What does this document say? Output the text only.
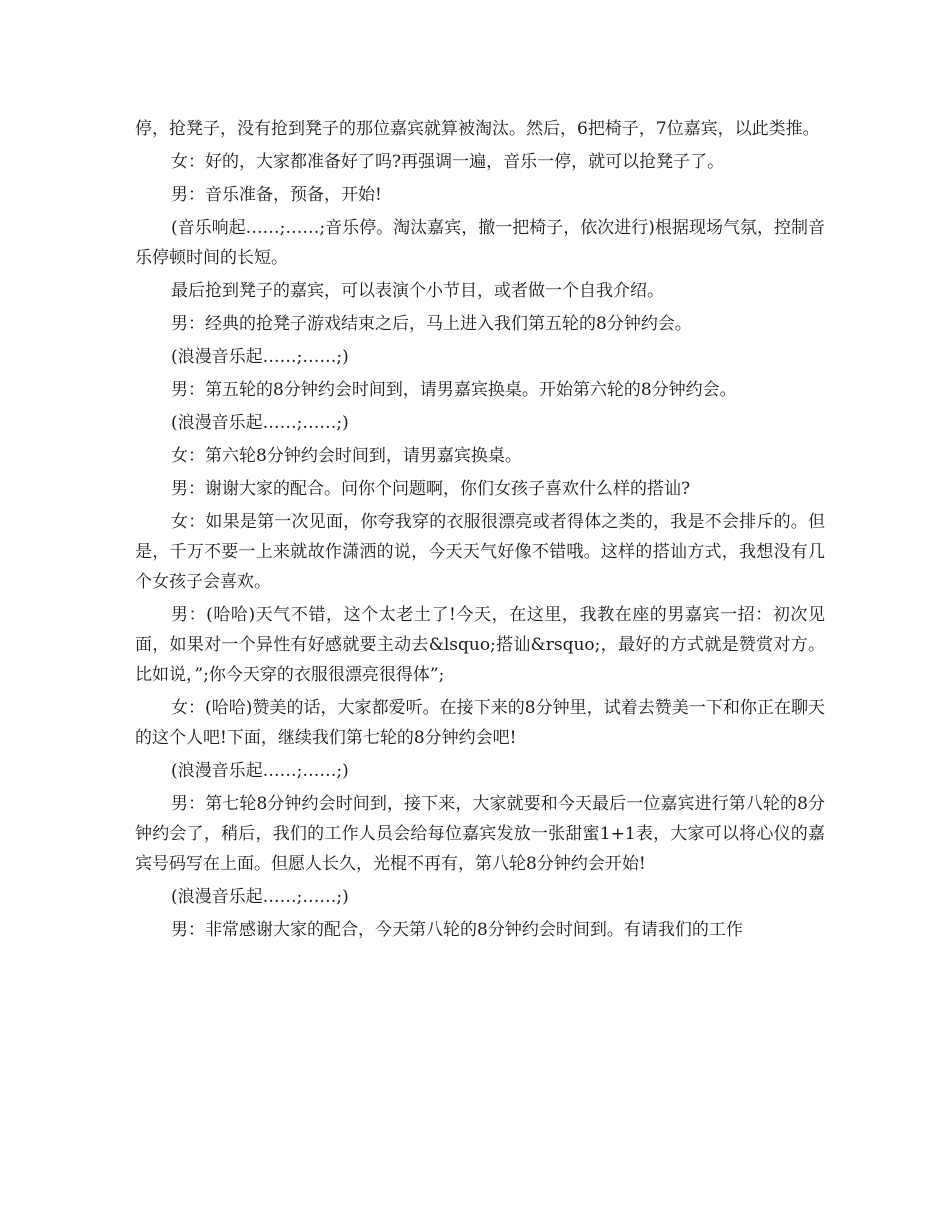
停，抢凳子，没有抢到凳子的那位嘉宾就算被淘汰。然后，6把椅子，7位嘉宾，以此类推。

女：好的，大家都准备好了吗?再强调一遍，音乐一停，就可以抢凳子了。

男：音乐准备，预备，开始!

(音乐响起……;……;音乐停。淘汰嘉宾，撤一把椅子，依次进行)根据现场气氛，控制音乐停顿时间的长短。

最后抢到凳子的嘉宾，可以表演个小节目，或者做一个自我介绍。

男：经典的抢凳子游戏结束之后，马上进入我们第五轮的8分钟约会。

(浪漫音乐起……;……;)

男：第五轮的8分钟约会时间到，请男嘉宾换桌。开始第六轮的8分钟约会。

(浪漫音乐起……;……;)

女：第六轮8分钟约会时间到，请男嘉宾换桌。

男：谢谢大家的配合。问你个问题啊，你们女孩子喜欢什么样的搭讪?

女：如果是第一次见面，你夸我穿的衣服很漂亮或者得体之类的，我是不会排斥的。但是，千万不要一上来就故作潇洒的说，今天天气好像不错哦。这样的搭讪方式，我想没有几个女孩子会喜欢。

男：(哈哈)天气不错，这个太老土了!今天，在这里，我教在座的男嘉宾一招：初次见面，如果对一个异性有好感就要主动去&lsquo;搭讪&rsquo;，最好的方式就是赞赏对方。比如说，”;你今天穿的衣服很漂亮很得体”;

女：(哈哈)赞美的话，大家都爱听。在接下来的8分钟里，试着去赞美一下和你正在聊天的这个人吧!下面，继续我们第七轮的8分钟约会吧!

(浪漫音乐起……;……;)

男：第七轮8分钟约会时间到，接下来，大家就要和今天最后一位嘉宾进行第八轮的8分钟约会了，稍后，我们的工作人员会给每位嘉宾发放一张甜蜜1+1表，大家可以将心仪的嘉宾号码写在上面。但愿人长久，光棍不再有，第八轮8分钟约会开始!

(浪漫音乐起……;……;)

男：非常感谢大家的配合，今天第八轮的8分钟约会时间到。有请我们的工作
